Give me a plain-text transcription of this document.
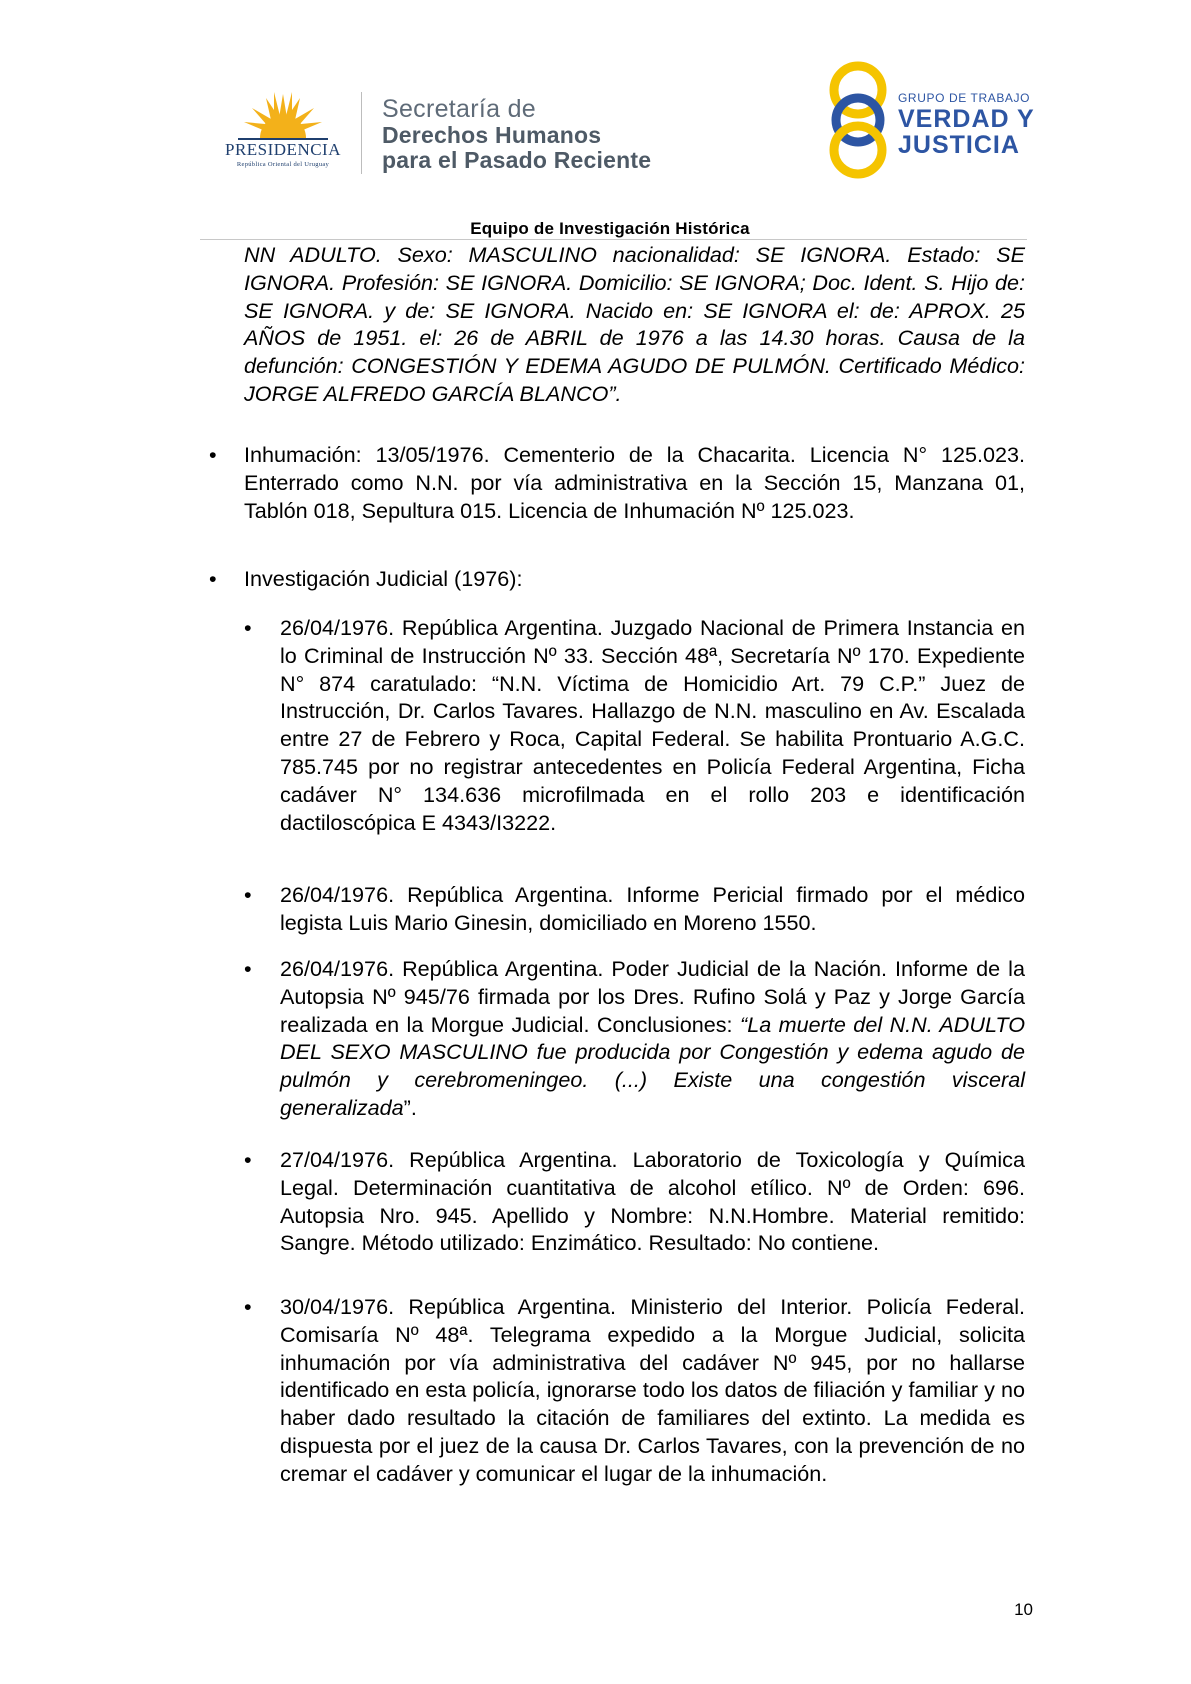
PRESIDENCIA
República Oriental del Uruguay
Secretaría de
Derechos Humanos
para el Pasado Reciente
GRUPO DE TRABAJO
VERDAD Y
JUSTICIA
Equipo de Investigación Histórica

NN ADULTO. Sexo: MASCULINO nacionalidad: SE IGNORA. Estado: SE IGNORA. Profesión: SE IGNORA. Domicilio: SE IGNORA; Doc. Ident. S. Hijo de: SE IGNORA. y de: SE IGNORA. Nacido en: SE IGNORA el: de: APROX. 25 AÑOS de 1951. el: 26 de ABRIL de 1976 a las 14.30 horas. Causa de la defunción: CONGESTIÓN Y EDEMA AGUDO DE PULMÓN. Certificado Médico: JORGE ALFREDO GARCÍA BLANCO”.

• Inhumación: 13/05/1976. Cementerio de la Chacarita. Licencia N° 125.023. Enterrado como N.N. por vía administrativa en la Sección 15, Manzana 01, Tablón 018, Sepultura 015. Licencia de Inhumación Nº 125.023.
• Investigación Judicial (1976):
• 26/04/1976. República Argentina. Juzgado Nacional de Primera Instancia en lo Criminal de Instrucción Nº 33. Sección 48ª, Secretaría Nº 170. Expediente N° 874 caratulado: “N.N. Víctima de Homicidio Art. 79 C.P.” Juez de Instrucción, Dr. Carlos Tavares. Hallazgo de N.N. masculino en Av. Escalada entre 27 de Febrero y Roca, Capital Federal. Se habilita Prontuario A.G.C. 785.745 por no registrar antecedentes en Policía Federal Argentina, Ficha cadáver N° 134.636 microfilmada en el rollo 203 e identificación dactiloscópica E 4343/I3222.
• 26/04/1976. República Argentina. Informe Pericial firmado por el médico legista Luis Mario Ginesin, domiciliado en Moreno 1550.
• 26/04/1976. República Argentina. Poder Judicial de la Nación. Informe de la Autopsia Nº 945/76 firmada por los Dres. Rufino Solá y Paz y Jorge García realizada en la Morgue Judicial. Conclusiones: “La muerte del N.N. ADULTO DEL SEXO MASCULINO fue producida por Congestión y edema agudo de pulmón y cerebromeningeo. (...) Existe una congestión visceral generalizada”.
• 27/04/1976. República Argentina. Laboratorio de Toxicología y Química Legal. Determinación cuantitativa de alcohol etílico. Nº de Orden: 696. Autopsia Nro. 945. Apellido y Nombre: N.N.Hombre. Material remitido: Sangre. Método utilizado: Enzimático. Resultado: No contiene.
• 30/04/1976. República Argentina. Ministerio del Interior. Policía Federal. Comisaría Nº 48ª. Telegrama expedido a la Morgue Judicial, solicita inhumación por vía administrativa del cadáver Nº 945, por no hallarse identificado en esta policía, ignorarse todo los datos de filiación y familiar y no haber dado resultado la citación de familiares del extinto. La medida es dispuesta por el juez de la causa Dr. Carlos Tavares, con la prevención de no cremar el cadáver y comunicar el lugar de la inhumación.
10
